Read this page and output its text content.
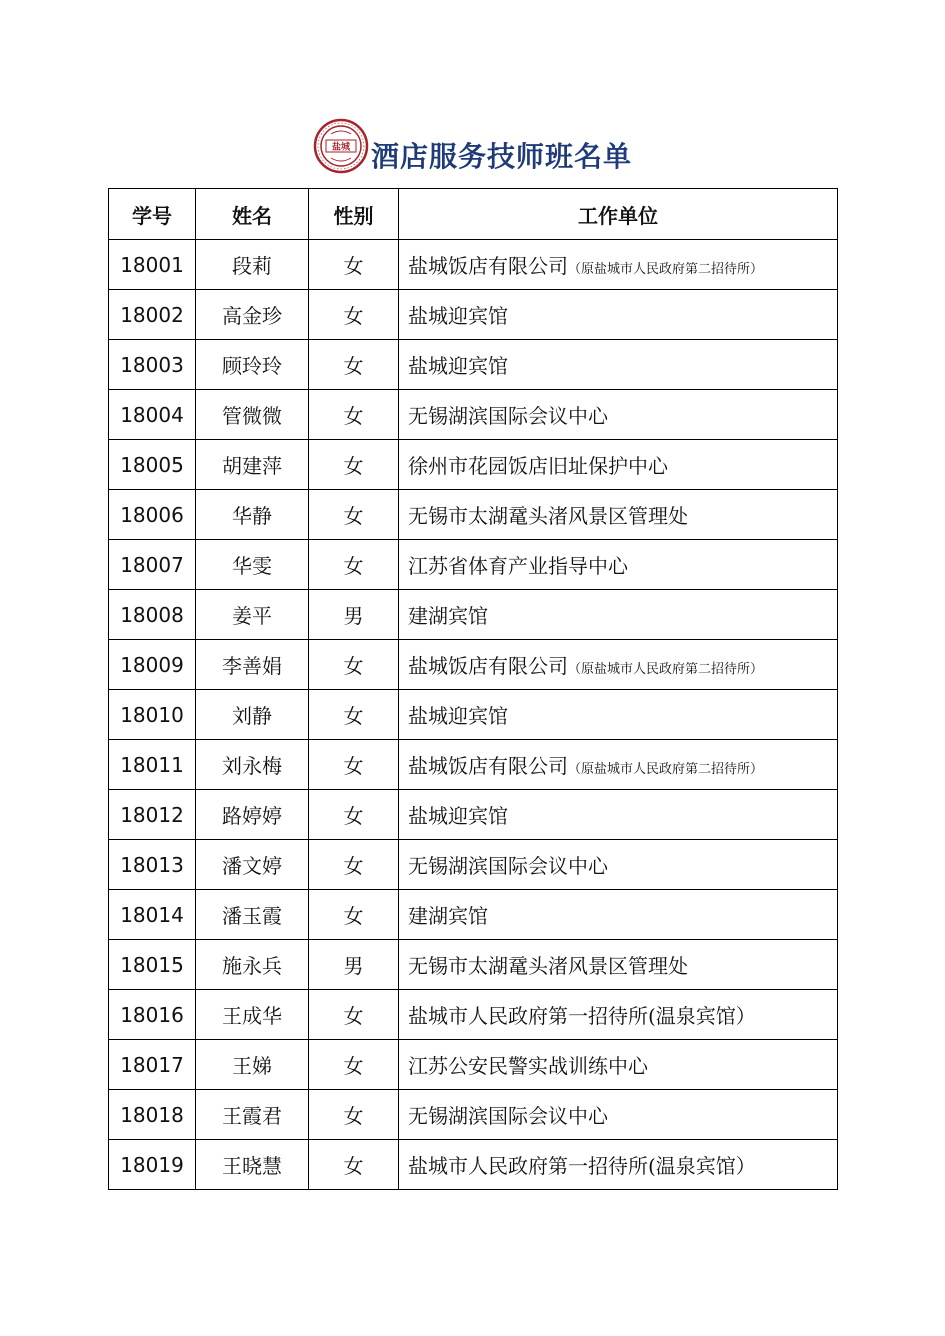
盐城 酒店服务技师班名单
学号	姓名	性别	工作单位
18001	段莉	女	盐城饭店有限公司（原盐城市人民政府第二招待所）
18002	高金珍	女	盐城迎宾馆
18003	顾玲玲	女	盐城迎宾馆
18004	管微微	女	无锡湖滨国际会议中心
18005	胡建萍	女	徐州市花园饭店旧址保护中心
18006	华静	女	无锡市太湖鼋头渚风景区管理处
18007	华雯	女	江苏省体育产业指导中心
18008	姜平	男	建湖宾馆
18009	李善娟	女	盐城饭店有限公司（原盐城市人民政府第二招待所）
18010	刘静	女	盐城迎宾馆
18011	刘永梅	女	盐城饭店有限公司（原盐城市人民政府第二招待所）
18012	路婷婷	女	盐城迎宾馆
18013	潘文婷	女	无锡湖滨国际会议中心
18014	潘玉霞	女	建湖宾馆
18015	施永兵	男	无锡市太湖鼋头渚风景区管理处
18016	王成华	女	盐城市人民政府第一招待所(温泉宾馆）
18017	王娣	女	江苏公安民警实战训练中心
18018	王霞君	女	无锡湖滨国际会议中心
18019	王晓慧	女	盐城市人民政府第一招待所(温泉宾馆）
